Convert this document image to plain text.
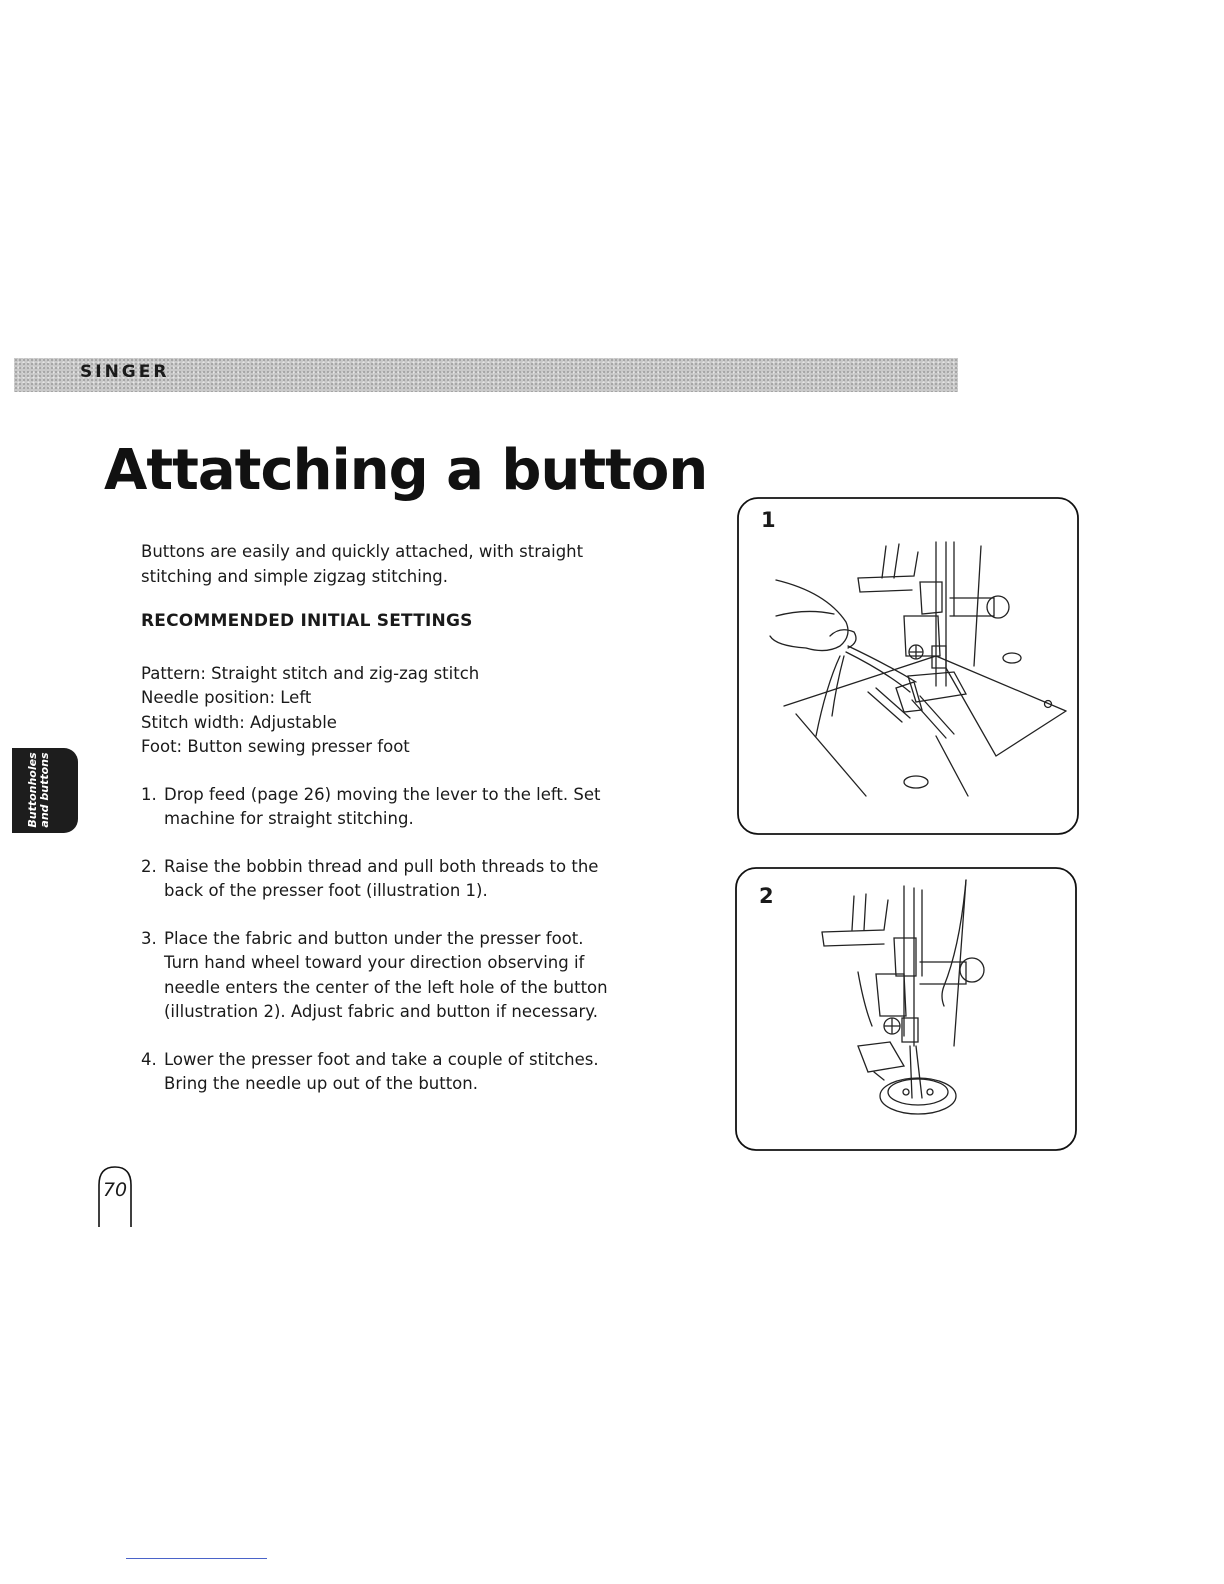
SINGER
Attatching a button

Buttons are easily and quickly attached, with straight
stitching and simple zigzag stitching.

RECOMMENDED INITIAL SETTINGS

Pattern: Straight stitch and zig-zag stitch
Needle position: Left
Stitch width: Adjustable
Foot: Button sewing presser foot
1. Drop feed (page 26) moving the lever to the left. Set machine for straight stitching.
2. Raise the bobbin thread and pull both threads to the back of the presser foot (illustration 1).
3. Place the fabric and button under the presser foot. Turn hand wheel toward your direction observing if needle enters the center of the left hole of the button (illustration 2). Adjust fabric and button if necessary.
4. Lower the presser foot and take a couple of stitches. Bring the needle up out of the button.
Buttonholes
and buttons
70
1
2
